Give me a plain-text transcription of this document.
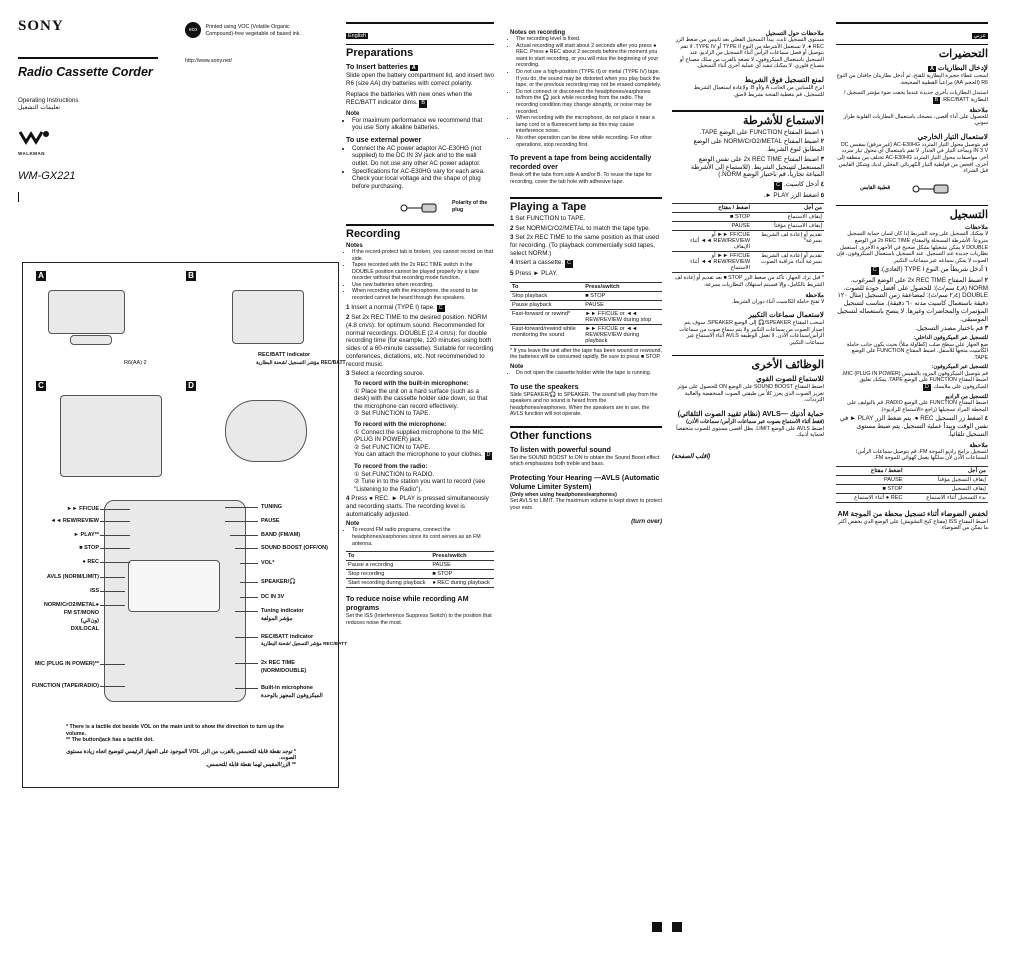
SONY
Radio Cassette Corder
Operating Instructions
تعليمات التشغيل
WALKMAN
WM-GX221
eco Printed using VOC (Volatile Organic Compound)-free vegetable oil based ink.
http://www.sony.net/
A
R6(AA) 2
B
REC/BATT indicator
مؤشر التسجيل /شحنة البطارية REC/BATT
C	D
►► FF/CUE
◄◄ REW/REVIEW
► PLAY**
■ STOP
● REC
AVLS (NORM/LIMIT)
ISS
NORM/CrO2/METAL●
FM ST/MONO
(ون/لي)
DX/LOCAL
MIC (PLUG IN POWER)**
FUNCTION (TAPE/RADIO)
TUNING
PAUSE
BAND (FM/AM)
SOUND BOOST (OFF/ON)
VOL*
SPEAKER/🎧
DC IN 3V
Tuning indicator
مؤشر المولفة
REC/BATT indicator
مؤشر التسجيل /شحنة البطارية REC/BATT
2x REC TIME
(NORM/DOUBLE)
Built-in microphone
الميكروفون المجهز بالوحدة
* There is a tactile dot beside VOL on the main unit to show the direction to turn up the volume.
** The button/jack has a tactile dot.
* توجد نقطة قابلة للتحسس بالقرب من الزر VOL الموجود على الجهاز الرئيسي لتوضيح اتجاه زيادة مستوى الصوت.
** الزر/المقبس لهما نقطة قابلة للتحسس.
English
Preparations
To Insert batteries A
Slide open the battery compartment lid, and insert two R6 (size AA) dry batteries with correct polarity.
Replace the batteries with new ones when the REC/BATT indicator dims. B
Note
• For maximum performance we recommend that you use Sony alkaline batteries.
To use external power
• Connect the AC power adaptor AC-E30HG (not supplied) to the DC IN 3V jack and to the wall outlet. Do not use any other AC power adaptor.
• Specifications for AC-E30HG vary for each area. Check your local voltage and the shape of plug before purchasing.
Polarity of the plug
Recording
Notes
• If the record-protect tab is broken, you cannot record on that side.
• Tapes recorded with the 2x REC TIME switch in the DOUBLE position cannot be played properly by a tape recorder without that recording mode function.
• Use new batteries when recording.
• When recording with the microphone, the sound to be recorded cannot be heard through the speakers.
1 Insert a normal (TYPE I) tape. C
2 Set 2x REC TIME to the desired position. NORM (4.8 cm/s): for optimum sound. Recommended for normal recordings. DOUBLE (2.4 cm/s): for double recording time (for example, 120 minutes using both sides of a 60-minute cassette). Suitable for recording conferences, dictations, etc. Not recommended to record music.
3 Select a recording source.
To record with the built-in microphone:
① Place the unit on a hard surface (such as a desk) with the cassette holder side down, so that the microphone can record effectively.
② Set FUNCTION to TAPE.
To record with the microphone:
① Connect the supplied microphone to the MIC (PLUG IN POWER) jack.
② Set FUNCTION to TAPE.
You can attach the microphone to your clothes. D
To record from the radio:
① Set FUNCTION to RADIO.
② Tune in to the station you want to record (see "Listening to the Radio").
4 Press ● REC. ► PLAY is pressed simultaneously and recording starts. The recording level is automatically adjusted.
Note
• To record FM radio programs, connect the headphones/earphones since its cord serves as an FM antenna.
To	Press/switch
Pause a recording	PAUSE
Stop recording	■ STOP
Start recording during playback	● REC during playback
To reduce noise while recording AM programs
Set the ISS (Interference Suppress Switch) to the position that reduces noise the most.
Notes on recording
• The recording level is fixed.
• Actual recording will start about 2 seconds after you press ● REC. Press ● REC about 2 seconds before the moment you want to start recording, or you will miss the beginning of your recording.
• Do not use a high-position (TYPE II) or metal (TYPE IV) tape. If you do, the sound may be distorted when you play back the tape, or the previous recording may not be erased completely.
• Do not connect or disconnect the headphones/earphones to/from the 🎧 jack while recording from the radio. The recording condition may change abruptly, or noise may be recorded.
• When recording with the microphone, do not place it near a lamp cord or a fluorescent lamp as this may cause interference noise.
• No other operation can be done while recording. For other operations, stop recording first.
To prevent a tape from being accidentally recorded over
Break off the tabs from side A and/or B. To reuse the tape for recording, cover the tab hole with adhesive tape.
Playing a Tape
1 Set FUNCTION to TAPE.
2 Set NORM/CrO2/METAL to match the tape type.
3 Set 2x REC TIME to the same position as that used for recording. (To playback commercially sold tapes, select NORM.)
4 Insert a cassette. C
5 Press ► PLAY.
To	Press/switch
Stop playback	■ STOP
Pause playback	PAUSE
Fast-forward or rewind*	►► FF/CUE or ◄◄ REW/REVIEW during stop
Fast-forward/rewind while monitoring the sound	►► FF/CUE or ◄◄ REW/REVIEW during playback
* If you leave the unit after the tape has been wound or rewound, the batteries will be consumed rapidly. Be sure to press ■ STOP.
Note
• Do not open the cassette holder while the tape is running.
To use the speakers
Slide SPEAKER/🎧 to SPEAKER. The sound will play from the speakers and no sound is heard from the headphones/earphones. When the speakers are in use, the AVLS function will not operate.
Other functions
To listen with powerful sound
Set the SOUND BOOST to ON to obtain the Sound Boost effect which emphasizes both treble and bass.
Protecting Your Hearing —AVLS (Automatic Volume Limiter System)
(Only when using headphones/earphones)
Set AVLS to LIMIT. The maximum volume is kept down to protect your ears.
(turn over)
ملاحظات حول التسجيل
مستوى التسجيل ثابت. يبدأ التسجيل الفعلي بعد ثانيتين من ضغط الزر REC ●. لا تستعمل الأشرطة من النوع TYPE II أو TYPE IV. لا تقم بتوصيل أو فصل سماعات الرأس أثناء التسجيل من الراديو. عند التسجيل باستعمال الميكروفون، لا تضعه بالقرب من سلك مصباح أو مصباح فلوري. لا يمكنك تنفيذ أي عملية أخرى أثناء التسجيل.
لمنع التسجيل فوق الشريط
انزع اللسانين من الجانب A و/أو B. ولإعادة استعمال الشريط للتسجيل، قم بتغطية الفتحة بشريط لاصق.
الاستماع للأشرطة
١ اضبط المفتاح FUNCTION على الوضع TAPE.
٢ اضبط المفتاح NORM/CrO2/METAL على الوضع المطابق لنوع الشريط.
٣ اضبط المفتاح 2x REC TIME على نفس الوضع المستعمل لتسجيل الشريط. (للاستماع إلى الأشرطة المباعة تجارياً، قم باختيار الوضع NORM.)
٤ أدخل كاسيت. C
٥ اضغط الزر PLAY ►.
من أجل	اضغط / مفتاح
إيقاف الاستماع	STOP ■
إيقاف الاستماع مؤقتاً	PAUSE
تقديم أو إعادة لف الشريط بسرعة*	FF/CUE ►► أو REW/REVIEW ◄◄ أثناء الإيقاف
تقديم أو إعادة لف الشريط بسرعة أثناء مراقبة الصوت	FF/CUE ►► أو REW/REVIEW ◄◄ أثناء الاستماع
* قبل ترك الجهاز، تأكد من ضغط الزر STOP ■ بعد تقديم أو إعادة لف الشريط بالكامل، وإلا فسيتم استهلاك البطاريات بسرعة.
ملاحظة
لا تفتح حاملة الكاسيت أثناء دوران الشريط.
لاستعمال سماعات التكبير
اسحب المفتاح SPEAKER/🎧 إلى الوضع SPEAKER. سوف يتم إصدار الصوت من سماعات التكبير ولا يتم سماع صوت من سماعات الرأس/سماعات الأذن. لا تعمل الوظيفة AVLS أثناء الاستماع عبر سماعات التكبير.
الوظائف الأخرى
للاستماع للصوت القوي
اضبط المفتاح SOUND BOOST على الوضع ON للحصول على مؤثر تعزيز الصوت الذي يعزز كلاً من طبقتي الصوت المنخفضة والعالية الترددات.
حماية أذنيك —AVLS (نظام تقييد الصوت التلقائي)
(فقط أثناء الاستماع بصوت عبر سماعات الرأس/ سماعات الأذن)
اضبط AVLS على الوضع LIMIT. يظل أقصى مستوى للصوت منخفضاً لحماية أذنيك.
(اقلب الصفحة)
عربي
التحضيرات
لإدخال البطاريات A
اسحب غطاء حجيرة البطارية للفتح، ثم أدخل بطاريتان جافتان من النوع R6 (الحجم AA) مراعياً القطبية الصحيحة.
استبدل البطاريات بأخرى جديدة عندما يخفت ضوء مؤشر التسجيل / البطارية REC/BATT. B
ملاحظة
للحصول على أداء أقصى، ننصحك باستعمال البطاريات القلوية طراز سوني.
لاستعمال التيار الخارجي
قم بتوصيل محول التيار المتردد AC-E30HG (غير مرفق) بمقبس DC IN 3 V وبمأخذ التيار في الجدار. لا تقم باستعمال أي محول تيار متردد آخر. مواصفات محول التيار المتردد AC-E30HG تختلف من منطقة إلى أخرى. افحص من فولطية التيار الكهربائي المحلي لديك وشكل القابس قبل الشراء.
قطبية القابس
التسجيل
ملاحظات
لا يمكنك التسجيل على وجه الشريط إذا كان لسان حماية التسجيل منزوعاً. الأشرطة المسجلة والمفتاح 2x REC TIME في الوضع DOUBLE لا يمكن تشغيلها بشكل صحيح في الأجهزة الأخرى. استعمل بطاريات جديدة عند التسجيل. عند التسجيل باستعمال الميكروفون، فإن الصوت لا يمكن سماعه عبر سماعات التكبير.
١ أدخل شريطاً من النوع TYPE I (العادي). C
٢ اضبط المفتاح 2x REC TIME على الوضع المرغوب. NORM (٤٫٨ سم/ث): للحصول على أفضل جودة للصوت. DOUBLE (٢٫٤ سم/ث): لمضاعفة زمن التسجيل (مثال ١٢٠ دقيقة باستعمال كاسيت مدته ٦٠ دقيقة). مناسب لتسجيل المؤتمرات والمحاضرات وغيرها. لا ينصح باستعماله لتسجيل الموسيقى.
٣ قم باختيار مصدر التسجيل.
للتسجيل عبر الميكروفون الداخلي:
ضع الجهاز على سطح صلب (كطاولة مثلاً) بحيث يكون جانب حاملة الكاسيت متجهاً للأسفل. اضبط المفتاح FUNCTION على الوضع TAPE.
للتسجيل عبر الميكروفون:
قم بتوصيل الميكروفون المزود بالمقبس MIC (PLUG IN POWER). اضبط المفتاح FUNCTION على الوضع TAPE. يمكنك تعليق الميكروفون على ملابسك. D
للتسجيل من الراديو
اضبط المفتاح FUNCTION على الوضع RADIO. قم بالتوليف على المحطة المراد تسجيلها (راجع «الاستماع للراديو»).
٤ اضغط زر التسجيل REC ●. يتم ضغط الزر PLAY ► في نفس الوقت ويبدأ عملية التسجيل. يتم ضبط مستوى التسجيل تلقائياً.
ملاحظة
لتسجيل برامج راديو الموجة FM، قم بتوصيل سماعات الرأس/السماعات الأذن لأن سلكها يعمل كهوائي للموجة FM.
من أجل	اضغط / مفتاح
إيقاف التسجيل مؤقتاً	PAUSE
إيقاف التسجيل	STOP ■
بدء التسجيل أثناء الاستماع	REC ● أثناء الاستماع
لخفض الضوضاء أثناء تسجيل محطة من الموجة AM
اضبط المفتاح ISS (مفتاح كبح التشويش) على الوضع الذي يخفض أكثر ما يمكن من الضوضاء.
